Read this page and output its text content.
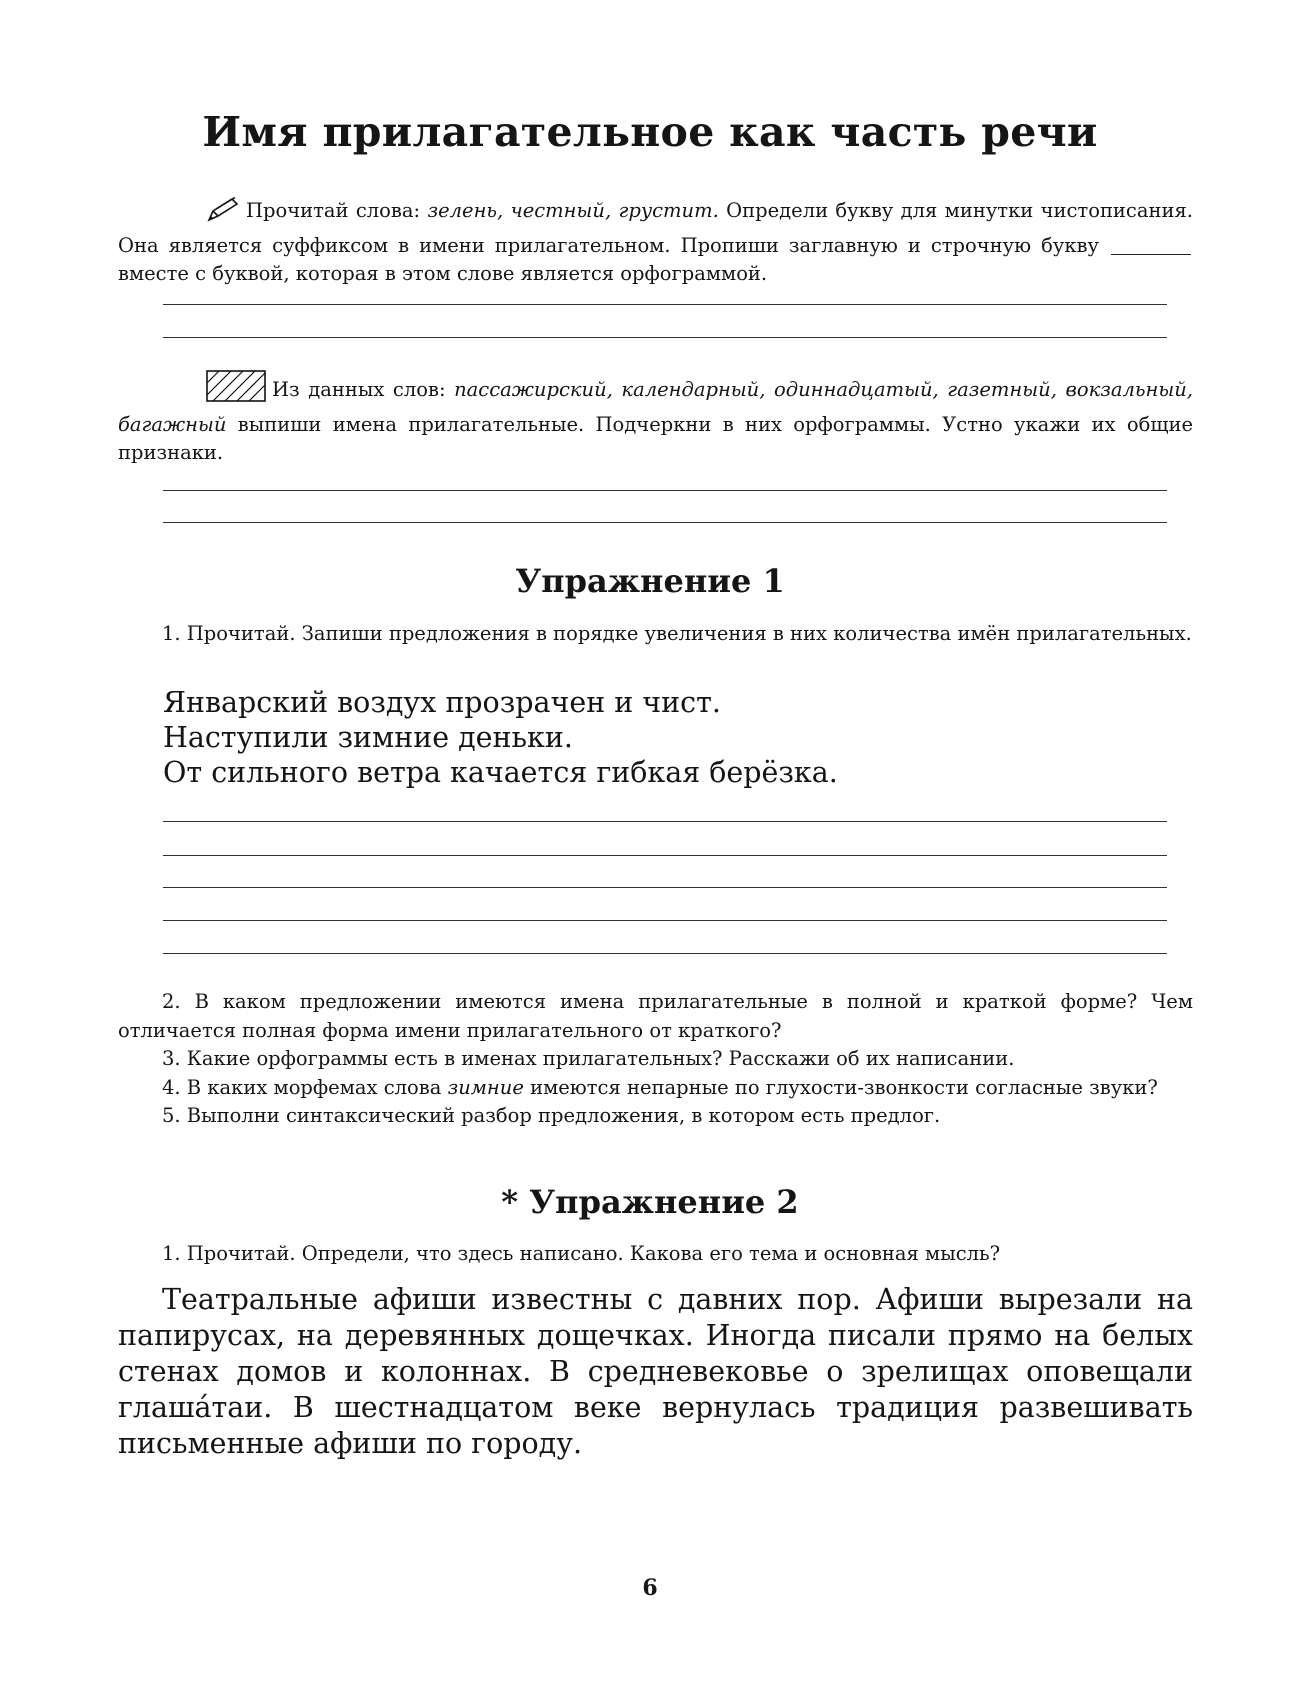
Имя прилагательное как часть речи

Прочитай слова: зелень, честный, грустит. Определи букву для минутки чистописания. Она является суффиксом в имени прилагательном. Пропиши заглавную и строчную букву  вместе с буквой, которая в этом слове является орфограммой.

Из данных слов: пассажирский, календарный, одиннадцатый, газетный, вокзальный, багажный выпиши имена прилагательные. Подчеркни в них орфограммы. Устно укажи их общие признаки.

Упражнение 1

1. Прочитай. Запиши предложения в порядке увеличения в них количества имён прилагательных.

Январский воздух прозрачен и чист.
Наступили зимние деньки.
От сильного ветра качается гибкая берёзка.

2. В каком предложении имеются имена прилагательные в полной и краткой форме? Чем отличается полная форма имени прилагательного от краткого?

3. Какие орфограммы есть в именах прилагательных? Расскажи об их написании.

4. В каких морфемах слова зимние имеются непарные по глухости-звонкости согласные звуки?

5. Выполни синтаксический разбор предложения, в котором есть предлог.

* Упражнение 2

1. Прочитай. Определи, что здесь написано. Какова его тема и основная мысль?

Театральные афиши известны с давних пор. Афиши вырезали на папирусах, на деревянных дощечках. Иногда писали прямо на белых стенах домов и колоннах. В средневековье о зрелищах оповещали глаша́таи. В шестнадцатом веке вернулась традиция развешивать письменные афиши по городу.

6
